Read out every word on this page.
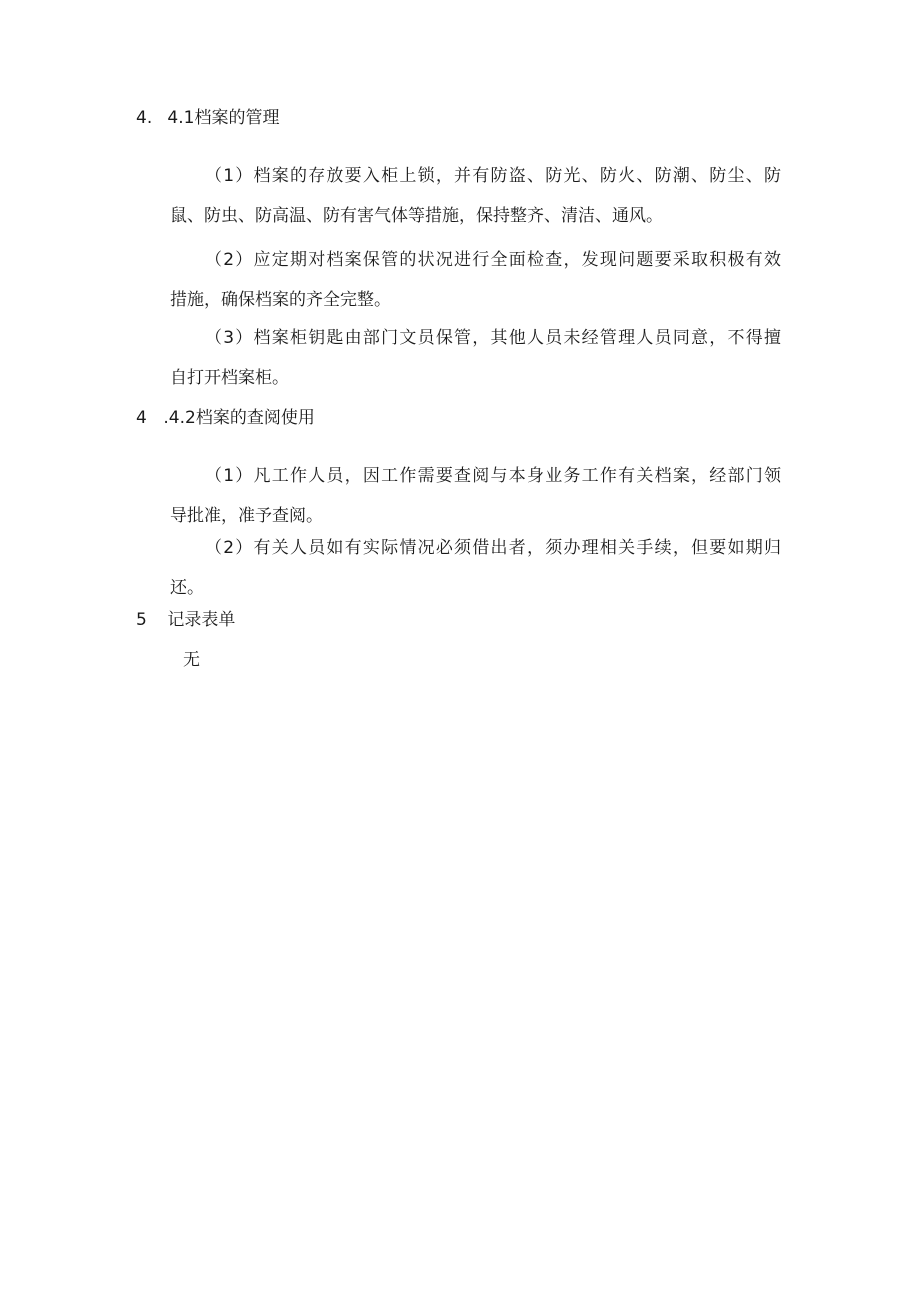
4. 4.1档案的管理
（1）档案的存放要入柜上锁，并有防盗、防光、防火、防潮、防尘、防
鼠、防虫、防高温、防有害气体等措施，保持整齐、清洁、通风。
（2）应定期对档案保管的状况进行全面检查，发现问题要采取积极有效
措施，确保档案的齐全完整。
（3）档案柜钥匙由部门文员保管，其他人员未经管理人员同意，不得擅
自打开档案柜。
4 .4.2档案的查阅使用
（1）凡工作人员，因工作需要查阅与本身业务工作有关档案，经部门领
导批准，准予查阅。
（2）有关人员如有实际情况必须借出者，须办理相关手续，但要如期归
还。
5 记录表单
无
